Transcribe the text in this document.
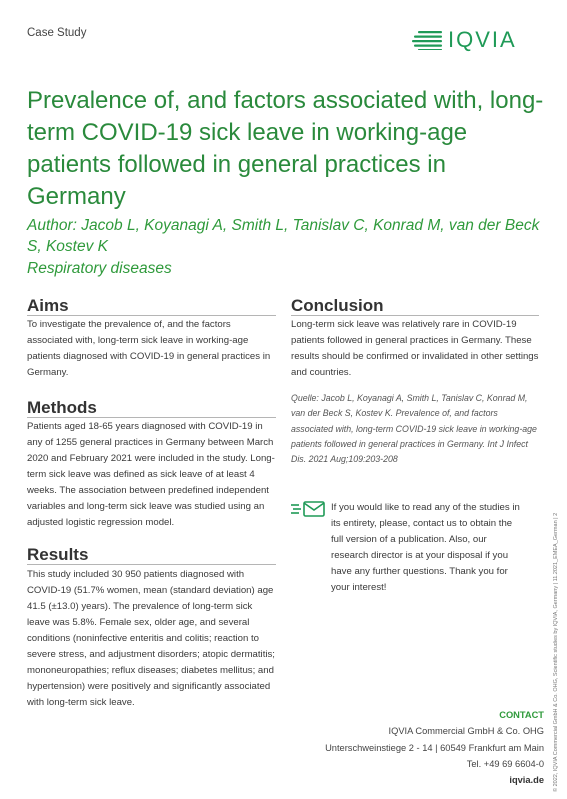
Case Study	IQVIA
Prevalence of, and factors associated with, long-term COVID-19 sick leave in working-age patients followed in general practices in Germany
Author: Jacob L, Koyanagi A, Smith L, Tanislav C, Konrad M, van der Beck S, Kostev K
Respiratory diseases
Aims
To investigate the prevalence of, and the factors associated with, long-term sick leave in working-age patients diagnosed with COVID-19 in general practices in Germany.
Methods
Patients aged 18-65 years diagnosed with COVID-19 in any of 1255 general practices in Germany between March 2020 and February 2021 were included in the study. Long-term sick leave was defined as sick leave of at least 4 weeks. The association between predefined independent variables and long-term sick leave was studied using an adjusted logistic regression model.
Results
This study included 30 950 patients diagnosed with COVID-19 (51.7% women, mean (standard deviation) age 41.5 (±13.0) years). The prevalence of long-term sick leave was 5.8%. Female sex, older age, and several conditions (noninfective enteritis and colitis; reaction to severe stress, and adjustment disorders; atopic dermatitis; mononeuropathies; reflux diseases; diabetes mellitus; and hypertension) were positively and significantly associated with long-term sick leave.
Conclusion
Long-term sick leave was relatively rare in COVID-19 patients followed in general practices in Germany. These results should be confirmed or invalidated in other settings and countries.
Quelle: Jacob L, Koyanagi A, Smith L, Tanislav C, Konrad M, van der Beck S, Kostev K. Prevalence of, and factors associated with, long-term COVID-19 sick leave in working-age patients followed in general practices in Germany. Int J Infect Dis. 2021 Aug;109:203-208
If you would like to read any of the studies in its entirety, please, contact us to obtain the full version of a publication. Also, our research director is at your disposal if you have any further questions. Thank you for your interest!
CONTACT
IQVIA Commercial GmbH & Co. OHG
Unterschweinstiege 2 - 14 | 60549 Frankfurt am Main
Tel. +49 69 6604-0
iqvia.de © 2022, IQVIA Commercial GmbH & Co. OHG, Scientific studies by IQVIA, Germany | 11.2021_EMEA_German | 2
